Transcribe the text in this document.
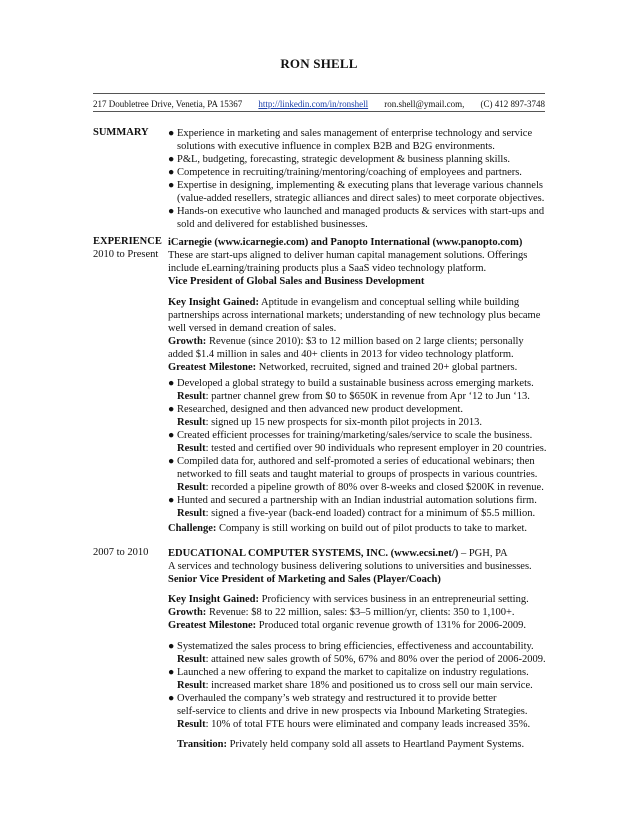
RON SHELL
217 Doubletree Drive, Venetia, PA 15367 http://linkedin.com/in/ronshell ron.shell@ymail.com, (C) 412 897-3748
SUMMARY ● Experience in marketing and sales management of enterprise technology and service
solutions with executive influence in complex B2B and B2G environments.

● P&L, budgeting, forecasting, strategic development & business planning skills.

● Competence in recruiting/training/mentoring/coaching of employees and partners.

● Expertise in designing, implementing & executing plans that leverage various channels
(value-added resellers, strategic alliances and direct sales) to meet corporate objectives.

● Hands-on executive who launched and managed products & services with start-ups and
sold and delivered for established businesses.

EXPERIENCE
2010 to Present

iCarnegie (www.icarnegie.com) and Panopto International (www.panopto.com)

These are start-ups aligned to deliver human capital management solutions. Offerings
include eLearning/training products plus a SaaS video technology platform.

Vice President of Global Sales and Business Development

Key Insight Gained: Aptitude in evangelism and conceptual selling while building
partnerships across international markets; understanding of new technology plus became
well versed in demand creation of sales.

Growth: Revenue (since 2010): $3 to 12 million based on 2 large clients; personally
added $1.4 million in sales and 40+ clients in 2013 for video technology platform.

Greatest Milestone: Networked, recruited, signed and trained 20+ global partners.

● Developed a global strategy to build a sustainable business across emerging markets.
Result: partner channel grew from $0 to $650K in revenue from Apr ‘12 to Jun ‘13.

● Researched, designed and then advanced new product development.
Result: signed up 15 new prospects for six-month pilot projects in 2013.

● Created efficient processes for training/marketing/sales/service to scale the business.
Result: tested and certified over 90 individuals who represent employer in 20 countries.

● Compiled data for, authored and self-promoted a series of educational webinars; then
networked to fill seats and taught material to groups of prospects in various countries.
Result: recorded a pipeline growth of 80% over 8-weeks and closed $200K in revenue.

● Hunted and secured a partnership with an Indian industrial automation solutions firm.
Result: signed a five-year (back-end loaded) contract for a minimum of $5.5 million.

Challenge: Company is still working on build out of pilot products to take to market.

2007 to 2010 EDUCATIONAL COMPUTER SYSTEMS, INC. (www.ecsi.net/) – PGH, PA

A services and technology business delivering solutions to universities and businesses.

Senior Vice President of Marketing and Sales (Player/Coach)

Key Insight Gained: Proficiency with services business in an entrepreneurial setting.

Growth: Revenue: $8 to 22 million, sales: $3–5 million/yr, clients: 350 to 1,100+.

Greatest Milestone: Produced total organic revenue growth of 131% for 2006-2009.

● Systematized the sales process to bring efficiencies, effectiveness and accountability.
Result: attained new sales growth of 50%, 67% and 80% over the period of 2006-2009.

● Launched a new offering to expand the market to capitalize on industry regulations.
Result: increased market share 18% and positioned us to cross sell our main service.

● Overhauled the company’s web strategy and restructured it to provide better
self-service to clients and drive in new prospects via Inbound Marketing Strategies.
Result: 10% of total FTE hours were eliminated and company leads increased 35%.

Transition: Privately held company sold all assets to Heartland Payment Systems.
